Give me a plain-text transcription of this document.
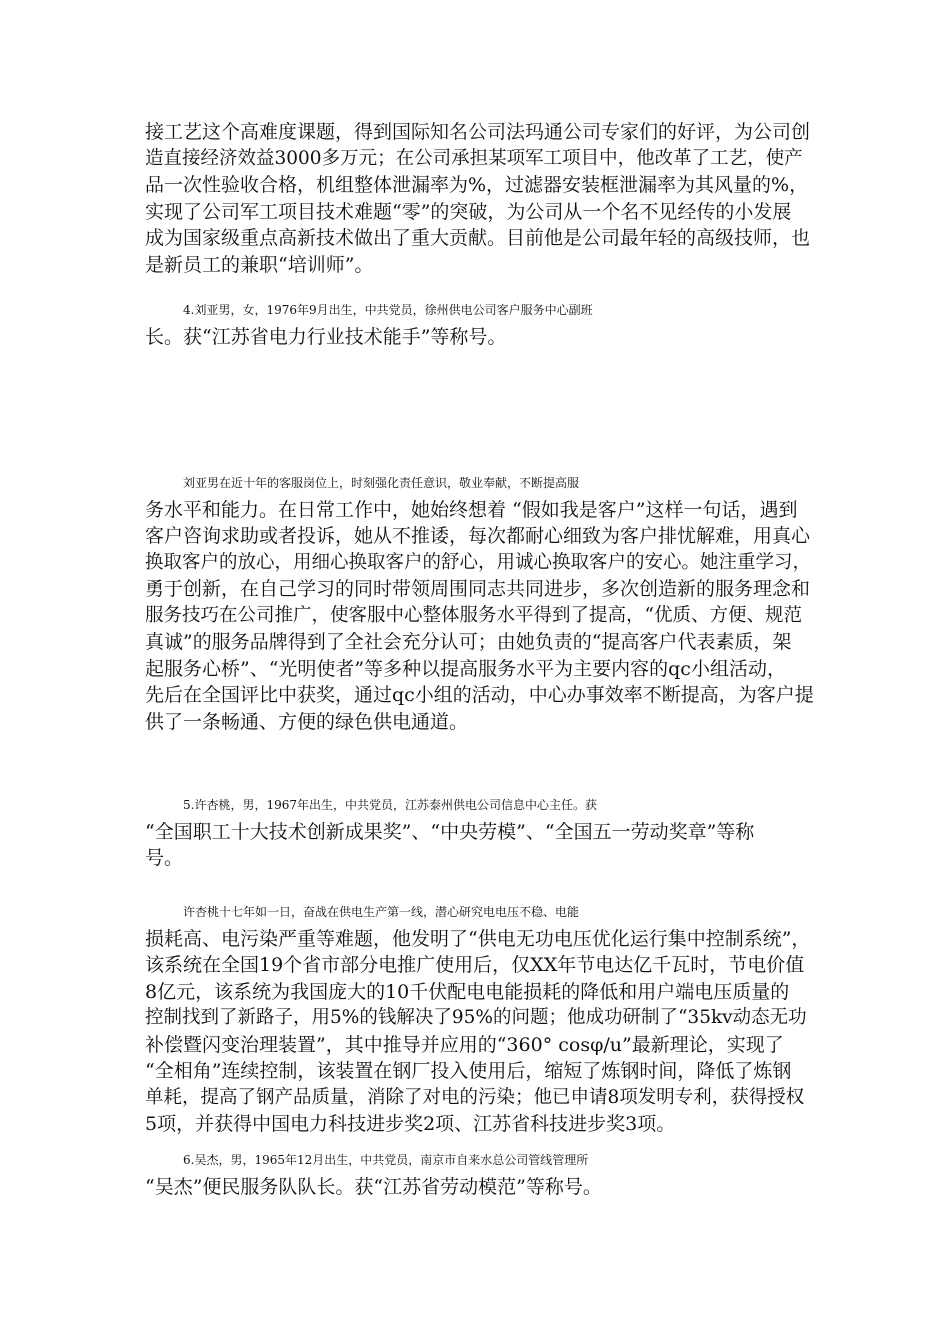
接工艺这个高难度课题，得到国际知名公司法玛通公司专家们的好评，为公司创
造直接经济效益3000多万元；在公司承担某项军工项目中，他改革了工艺，使产
品一次性验收合格，机组整体泄漏率为%，过滤器安装框泄漏率为其风量的%，
实现了公司军工项目技术难题“零”的突破，为公司从一个名不见经传的小发展
成为国家级重点高新技术做出了重大贡献。目前他是公司最年轻的高级技师，也
是新员工的兼职“培训师”。
4.刘亚男，女，1976年9月出生，中共党员，徐州供电公司客户服务中心副班
长。获“江苏省电力行业技术能手”等称号。
刘亚男在近十年的客服岗位上，时刻强化责任意识，敬业奉献，不断提高服
务水平和能力。在日常工作中，她始终想着 “假如我是客户”这样一句话，遇到
客户咨询求助或者投诉，她从不推诿，每次都耐心细致为客户排忧解难，用真心
换取客户的放心，用细心换取客户的舒心，用诚心换取客户的安心。她注重学习，
勇于创新，在自己学习的同时带领周围同志共同进步，多次创造新的服务理念和
服务技巧在公司推广，使客服中心整体服务水平得到了提高，“优质、方便、规范
真诚”的服务品牌得到了全社会充分认可；由她负责的“提高客户代表素质，架
起服务心桥”、“光明使者”等多种以提高服务水平为主要内容的qc小组活动，
先后在全国评比中获奖，通过qc小组的活动，中心办事效率不断提高，为客户提
供了一条畅通、方便的绿色供电通道。
5.许杏桃，男，1967年出生，中共党员，江苏泰州供电公司信息中心主任。获
“全国职工十大技术创新成果奖”、“中央劳模”、“全国五一劳动奖章”等称
号。
许杏桃十七年如一日，奋战在供电生产第一线，潜心研究电电压不稳、电能
损耗高、电污染严重等难题，他发明了“供电无功电压优化运行集中控制系统”，
该系统在全国19个省市部分电推广使用后，仅XX年节电达亿千瓦时，节电价值
8亿元，该系统为我国庞大的10千伏配电电能损耗的降低和用户端电压质量的
控制找到了新路子，用5%的钱解决了95%的问题；他成功研制了“35kv动态无功
补偿暨闪变治理装置”，其中推导并应用的“360° cosφ/u”最新理论，实现了
“全相角”连续控制，该装置在钢厂投入使用后，缩短了炼钢时间，降低了炼钢
单耗，提高了钢产品质量，消除了对电的污染；他已申请8项发明专利，获得授权
5项，并获得中国电力科技进步奖2项、江苏省科技进步奖3项。
6.吴杰，男，1965年12月出生，中共党员，南京市自来水总公司管线管理所
“吴杰”便民服务队队长。获“江苏省劳动模范”等称号。
